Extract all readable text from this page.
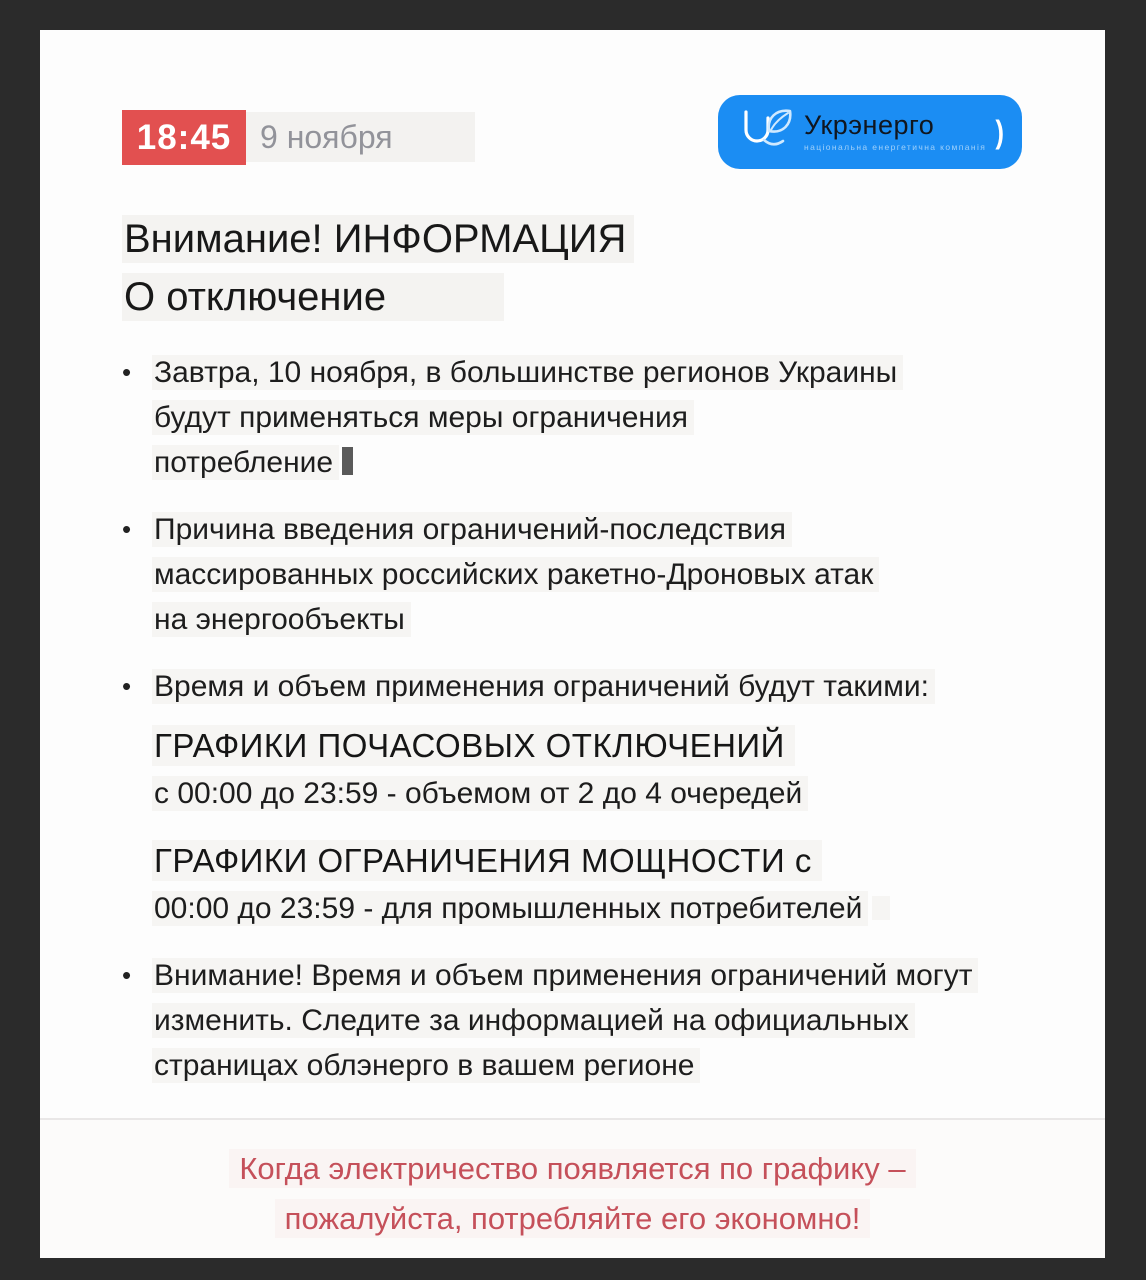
18:45 9 ноября	Укрэнерго
національна енергетична компанія )
Внимание! ИНФОРМАЦИЯ
О отключение
• Завтра, 10 ноября, в большинстве регионов Украины
будут применяться меры ограничения
потребление
• Причина введения ограничений-последствия
массированных российских ракетно-Дроновых атак
на энергообъекты
• Время и объем применения ограничений будут такими:
ГРАФИКИ ПОЧАСОВЫХ ОТКЛЮЧЕНИЙ
с 00:00 до 23:59 - объемом от 2 до 4 очередей
ГРАФИКИ ОГРАНИЧЕНИЯ МОЩНОСТИ с
00:00 до 23:59 - для промышленных потребителей
• Внимание! Время и объем применения ограничений могут
изменить. Следите за информацией на официальных
страницах облэнерго в вашем регионе
Когда электричество появляется по графику –
пожалуйста, потребляйте его экономно!
